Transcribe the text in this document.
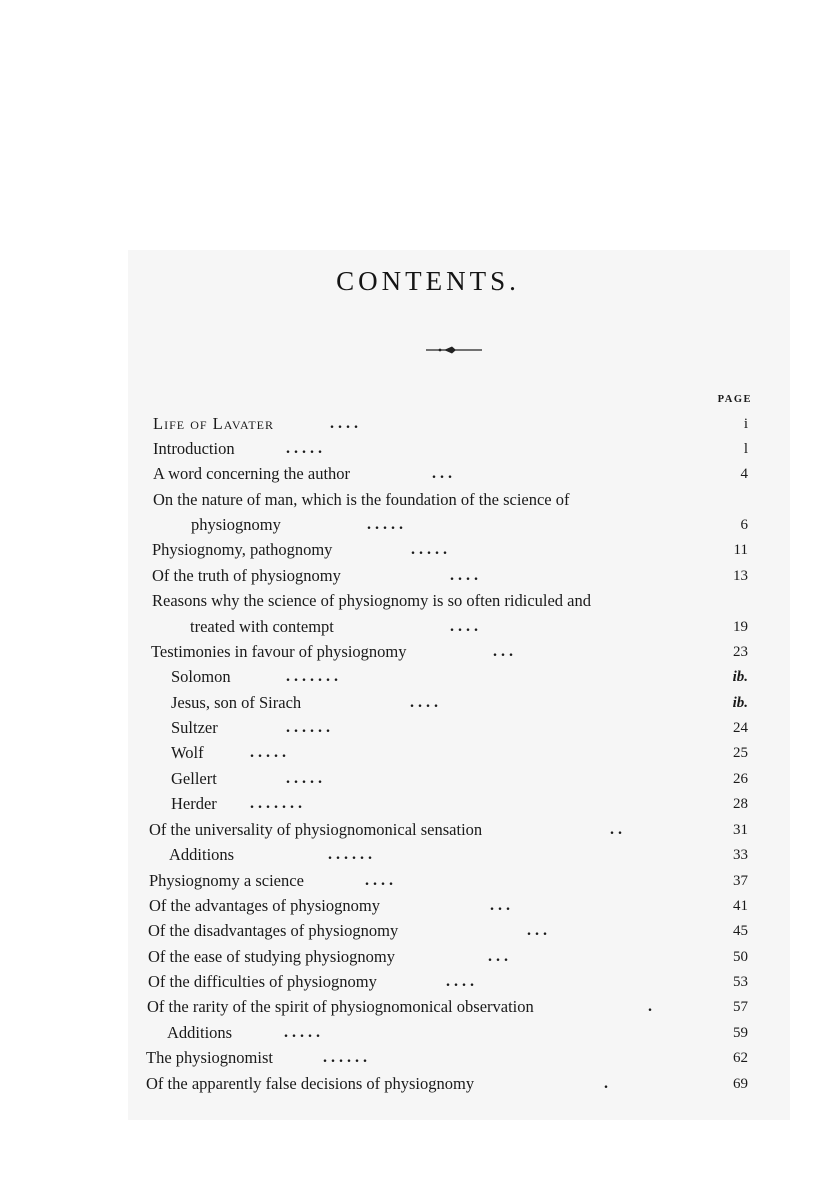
CONTENTS.
PAGE
Life of Lavater	. . . .	i
Introduction	. . . . .	l
A word concerning the author	. . .	4
On the nature of man, which is the foundation of the science of
physiognomy	. . . . .	6
Physiognomy, pathognomy	. . . . .	11
Of the truth of physiognomy	. . . .	13
Reasons why the science of physiognomy is so often ridiculed and
treated with contempt	. . . .	19
Testimonies in favour of physiognomy	. . .	23
Solomon	. . . . . . .	ib.
Jesus, son of Sirach	. . . .	ib.
Sultzer	. . . . . .	24
Wolf	. . . . .	25
Gellert	. . . . .	26
Herder . . . . . . .	28
Of the universality of physiognomonical sensation	. .	31
Additions	. . . . . .	33
Physiognomy a science	. . . .	37
Of the advantages of physiognomy	. . .	41
Of the disadvantages of physiognomy	. . .	45
Of the ease of studying physiognomy	. . .	50
Of the difficulties of physiognomy	. . . .	53
Of the rarity of the spirit of physiognomonical observation	.	57
Additions	. . . . .	59
The physiognomist	. . . . . .	62
Of the apparently false decisions of physiognomy	.	69
